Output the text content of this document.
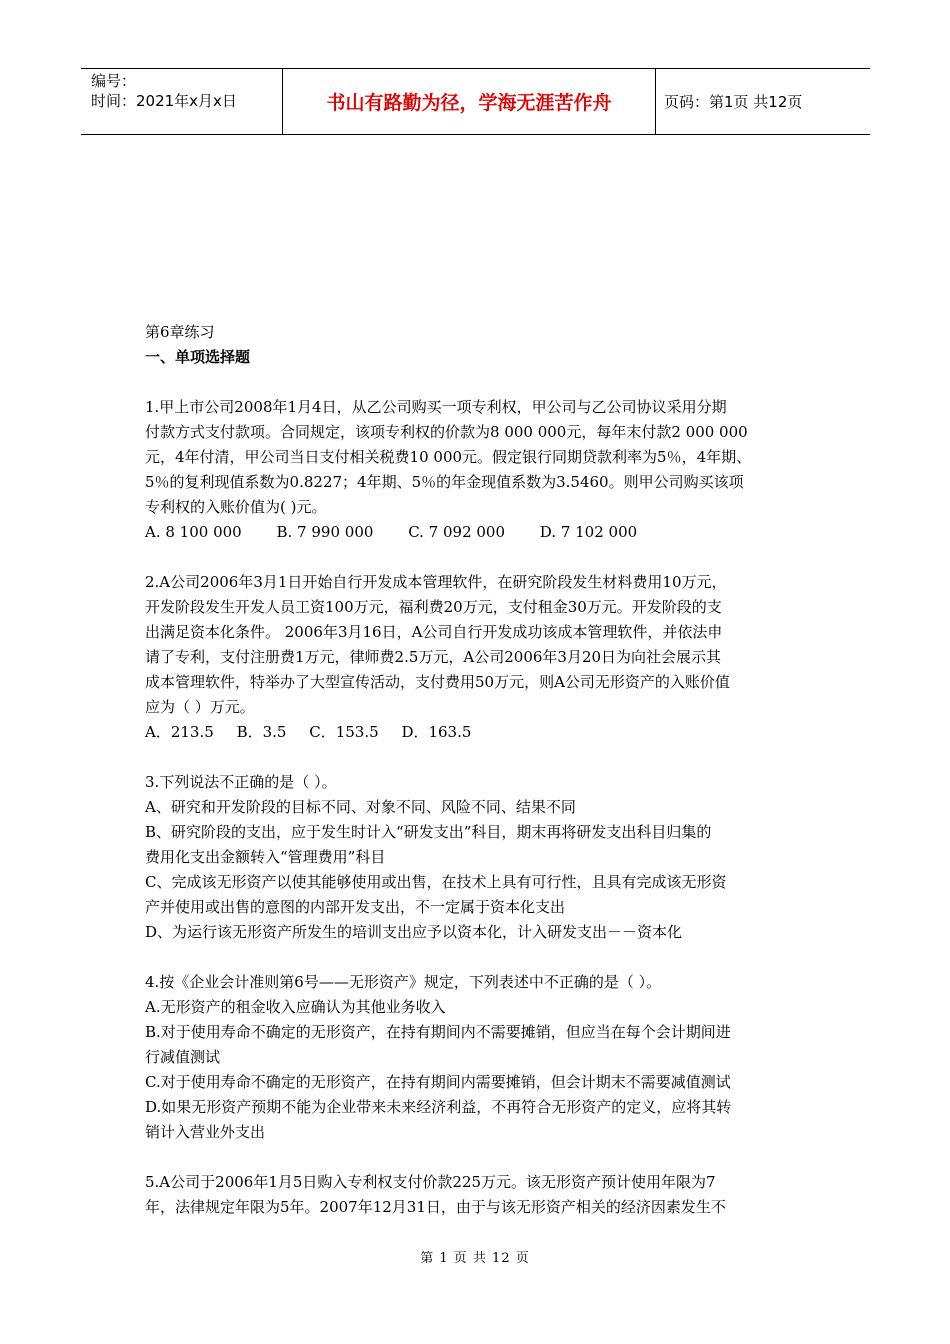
编号：
时间：2021年x月x日	书山有路勤为径，学海无涯苦作舟	页码：第1页 共12页

第6章练习

一、单项选择题

1.甲上市公司2008年1月4日，从乙公司购买一项专利权，甲公司与乙公司协议采用分期

付款方式支付款项。合同规定，该项专利权的价款为8 000 000元，每年末付款2 000 000

元，4年付清，甲公司当日支付相关税费10 000元。假定银行同期贷款利率为5％，4年期、

5％的复利现值系数为0.8227；4年期、5％的年金现值系数为3.5460。则甲公司购买该项

专利权的入账价值为( )元。

A. 8 100 000 B. 7 990 000 C. 7 092 000 D. 7 102 000

2.A公司2006年3月1日开始自行开发成本管理软件，在研究阶段发生材料费用10万元，

开发阶段发生开发人员工资100万元，福利费20万元，支付租金30万元。开发阶段的支

出满足资本化条件。 2006年3月16日，A公司自行开发成功该成本管理软件，并依法申

请了专利，支付注册费1万元，律师费2.5万元，A公司2006年3月20日为向社会展示其

成本管理软件，特举办了大型宣传活动，支付费用50万元，则A公司无形资产的入账价值

应为（ ）万元。

A．213.5 B．3.5 C．153.5 D．163.5

3.下列说法不正确的是（ ）。

A、研究和开发阶段的目标不同、对象不同、风险不同、结果不同

B、研究阶段的支出，应于发生时计入“研发支出”科目，期末再将研发支出科目归集的

费用化支出金额转入“管理费用”科目

C、完成该无形资产以使其能够使用或出售，在技术上具有可行性，且具有完成该无形资

产并使用或出售的意图的内部开发支出，不一定属于资本化支出

D、为运行该无形资产所发生的培训支出应予以资本化，计入研发支出－－资本化

4.按《企业会计准则第6号——无形资产》规定，下列表述中不正确的是（ ）。

A.无形资产的租金收入应确认为其他业务收入

B.对于使用寿命不确定的无形资产，在持有期间内不需要摊销，但应当在每个会计期间进

行减值测试

C.对于使用寿命不确定的无形资产，在持有期间内需要摊销，但会计期末不需要减值测试

D.如果无形资产预期不能为企业带来未来经济利益，不再符合无形资产的定义，应将其转

销计入营业外支出

5.A公司于2006年1月5日购入专利权支付价款225万元。该无形资产预计使用年限为7

年，法律规定年限为5年。2007年12月31日，由于与该无形资产相关的经济因素发生不

第 1 页 共 12 页
